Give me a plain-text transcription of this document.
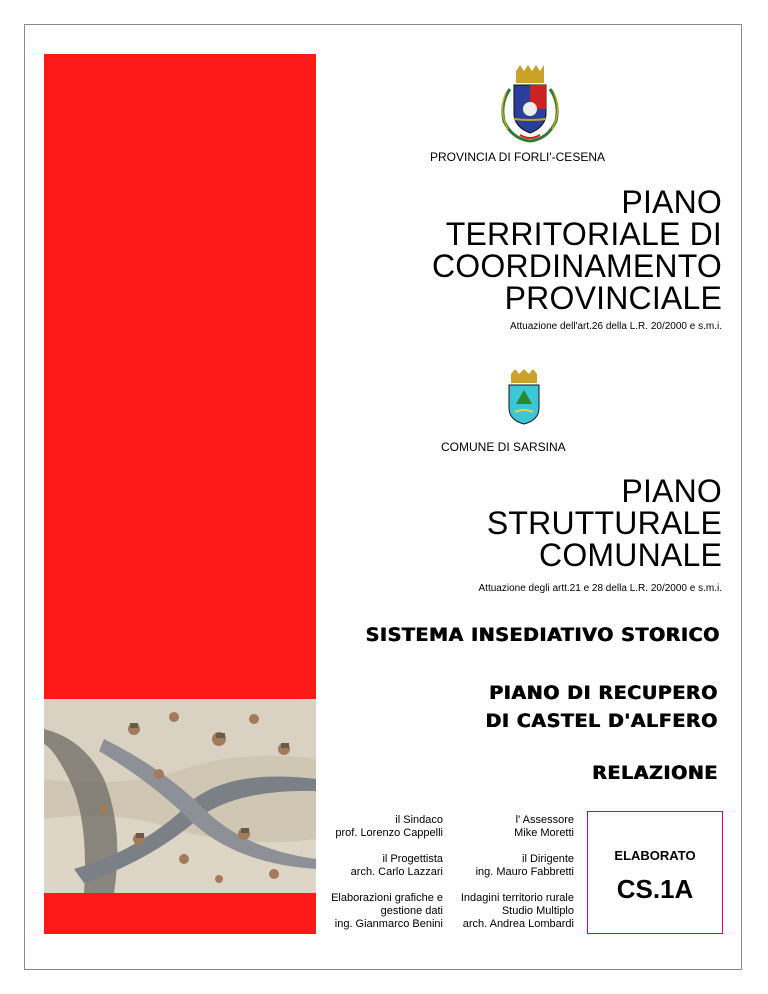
PROVINCIA DI FORLI'-CESENA
PIANO
TERRITORIALE DI
COORDINAMENTO
PROVINCIALE
Attuazione dell'art.26 della L.R. 20/2000 e s.m.i.
COMUNE DI SARSINA
PIANO
STRUTTURALE
COMUNALE
Attuazione degli artt.21 e 28 della L.R. 20/2000 e s.m.i.
SISTEMA INSEDIATIVO STORICO
PIANO DI RECUPERO
DI CASTEL D'ALFERO
RELAZIONE
il Sindaco
prof. Lorenzo Cappelli
l' Assessore
Mike Moretti
il Progettista
arch. Carlo Lazzari
il Dirigente
ing. Mauro Fabbretti
Elaborazioni grafiche e
gestione dati
ing. Gianmarco Benini
Indagini territorio rurale
Studio Multiplo
arch. Andrea Lombardi
ELABORATO
CS.1A
